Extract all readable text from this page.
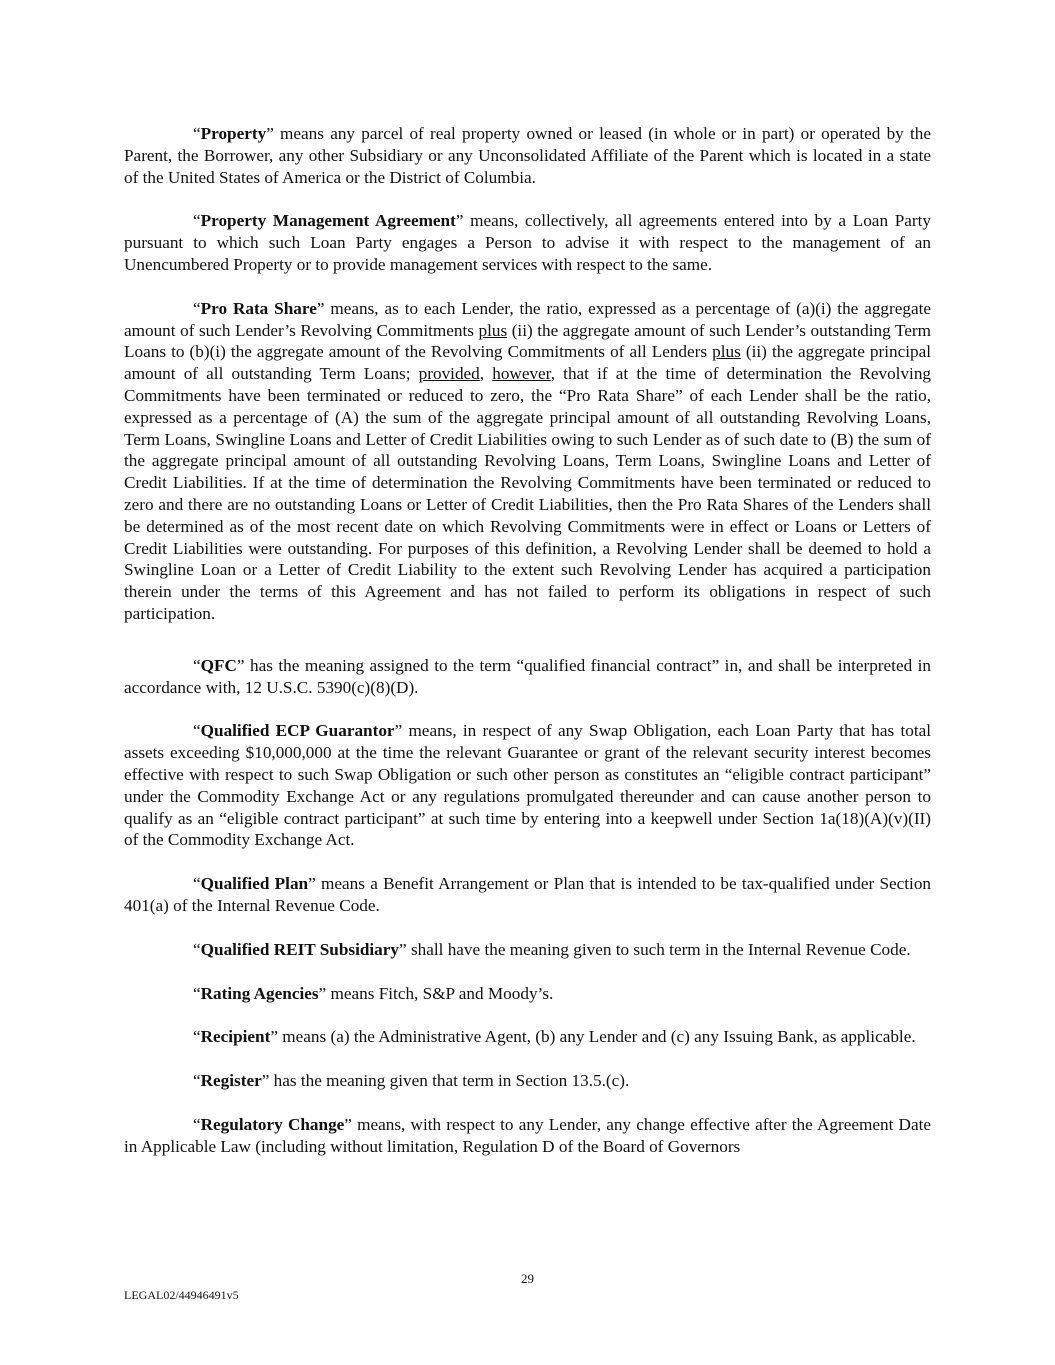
“Property” means any parcel of real property owned or leased (in whole or in part) or operated by the Parent, the Borrower, any other Subsidiary or any Unconsolidated Affiliate of the Parent which is located in a state of the United States of America or the District of Columbia.

“Property Management Agreement” means, collectively, all agreements entered into by a Loan Party pursuant to which such Loan Party engages a Person to advise it with respect to the management of an Unencumbered Property or to provide management services with respect to the same.

“Pro Rata Share” means, as to each Lender, the ratio, expressed as a percentage of (a)(i) the aggregate amount of such Lender’s Revolving Commitments plus (ii) the aggregate amount of such Lender’s outstanding Term Loans to (b)(i) the aggregate amount of the Revolving Commitments of all Lenders plus (ii) the aggregate principal amount of all outstanding Term Loans; provided, however, that if at the time of determination the Revolving Commitments have been terminated or reduced to zero, the “Pro Rata Share” of each Lender shall be the ratio, expressed as a percentage of (A) the sum of the aggregate principal amount of all outstanding Revolving Loans, Term Loans, Swingline Loans and Letter of Credit Liabilities owing to such Lender as of such date to (B) the sum of the aggregate principal amount of all outstanding Revolving Loans, Term Loans, Swingline Loans and Letter of Credit Liabilities. If at the time of determination the Revolving Commitments have been terminated or reduced to zero and there are no outstanding Loans or Letter of Credit Liabilities, then the Pro Rata Shares of the Lenders shall be determined as of the most recent date on which Revolving Commitments were in effect or Loans or Letters of Credit Liabilities were outstanding. For purposes of this definition, a Revolving Lender shall be deemed to hold a Swingline Loan or a Letter of Credit Liability to the extent such Revolving Lender has acquired a participation therein under the terms of this Agreement and has not failed to perform its obligations in respect of such participation.

“QFC” has the meaning assigned to the term “qualified financial contract” in, and shall be interpreted in accordance with, 12 U.S.C. 5390(c)(8)(D).

“Qualified ECP Guarantor” means, in respect of any Swap Obligation, each Loan Party that has total assets exceeding $10,000,000 at the time the relevant Guarantee or grant of the relevant security interest becomes effective with respect to such Swap Obligation or such other person as constitutes an “eligible contract participant” under the Commodity Exchange Act or any regulations promulgated thereunder and can cause another person to qualify as an “eligible contract participant” at such time by entering into a keepwell under Section 1a(18)(A)(v)(II) of the Commodity Exchange Act.

“Qualified Plan” means a Benefit Arrangement or Plan that is intended to be tax-qualified under Section 401(a) of the Internal Revenue Code.

“Qualified REIT Subsidiary” shall have the meaning given to such term in the Internal Revenue Code.

“Rating Agencies” means Fitch, S&P and Moody’s.

“Recipient” means (a) the Administrative Agent, (b) any Lender and (c) any Issuing Bank, as applicable.

“Register” has the meaning given that term in Section 13.5.(c).

“Regulatory Change” means, with respect to any Lender, any change effective after the Agreement Date in Applicable Law (including without limitation, Regulation D of the Board of Governors

29
LEGAL02/44946491v5
